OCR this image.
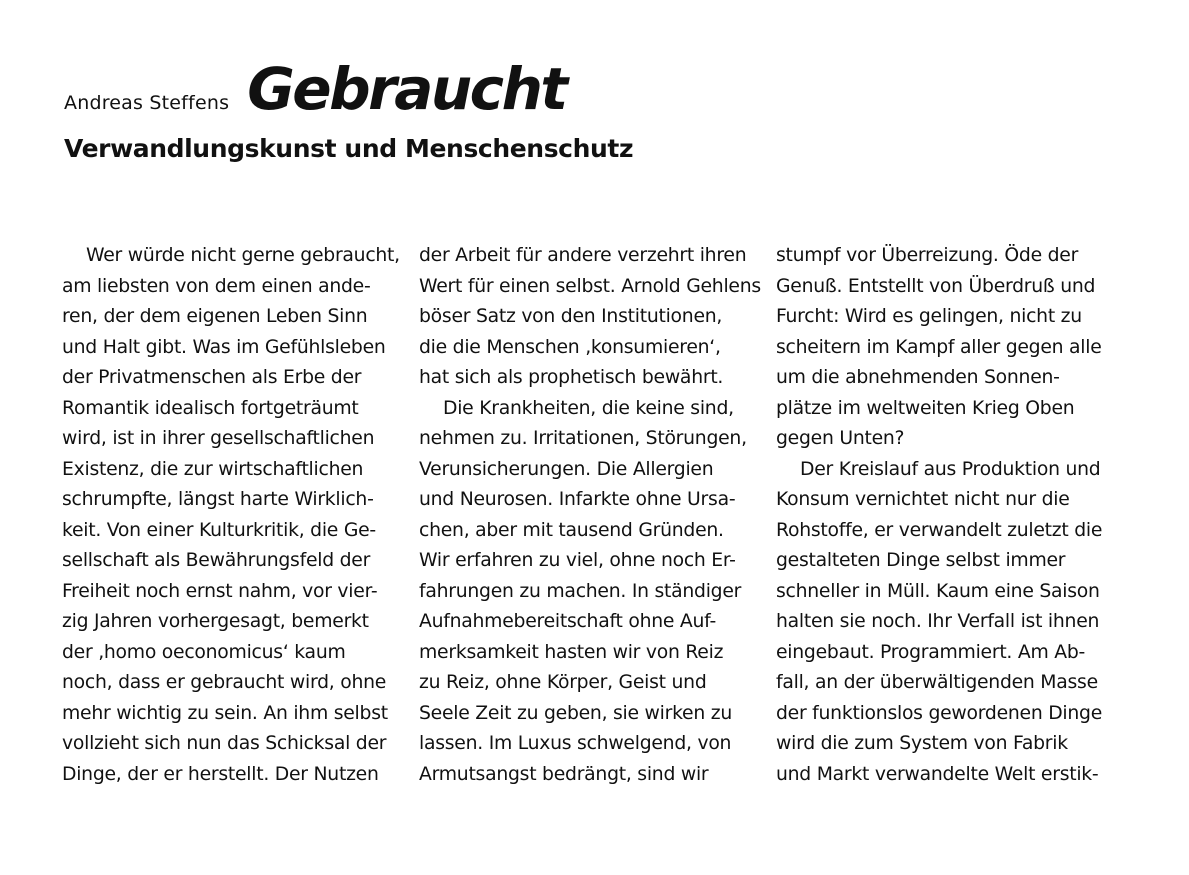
Andreas Steffens Gebraucht
Verwandlungskunst und Menschenschutz
Wer würde nicht gerne gebraucht,
am liebsten von dem einen ande-
ren, der dem eigenen Leben Sinn
und Halt gibt. Was im Gefühlsleben
der Privatmenschen als Erbe der
Romantik idealisch fortgeträumt
wird, ist in ihrer gesellschaftlichen
Existenz, die zur wirtschaftlichen
schrumpfte, längst harte Wirklich-
keit. Von einer Kulturkritik, die Ge-
sellschaft als Bewährungsfeld der
Freiheit noch ernst nahm, vor vier-
zig Jahren vorhergesagt, bemerkt
der ‚homo oeconomicus‘ kaum
noch, dass er gebraucht wird, ohne
mehr wichtig zu sein. An ihm selbst
vollzieht sich nun das Schicksal der
Dinge, der er herstellt. Der Nutzen
der Arbeit für andere verzehrt ihren
Wert für einen selbst. Arnold Gehlens
böser Satz von den Institutionen,
die die Menschen ‚konsumieren‘,
hat sich als prophetisch bewährt.
Die Krankheiten, die keine sind,
nehmen zu. Irritationen, Störungen,
Verunsicherungen. Die Allergien
und Neurosen. Infarkte ohne Ursa-
chen, aber mit tausend Gründen.
Wir erfahren zu viel, ohne noch Er-
fahrungen zu machen. In ständiger
Aufnahmebereitschaft ohne Auf-
merksamkeit hasten wir von Reiz
zu Reiz, ohne Körper, Geist und
Seele Zeit zu geben, sie wirken zu
lassen. Im Luxus schwelgend, von
Armutsangst bedrängt, sind wir
stumpf vor Überreizung. Öde der
Genuß. Entstellt von Überdruß und
Furcht: Wird es gelingen, nicht zu
scheitern im Kampf aller gegen alle
um die abnehmenden Sonnen-
plätze im weltweiten Krieg Oben
gegen Unten?
Der Kreislauf aus Produktion und
Konsum vernichtet nicht nur die
Rohstoffe, er verwandelt zuletzt die
gestalteten Dinge selbst immer
schneller in Müll. Kaum eine Saison
halten sie noch. Ihr Verfall ist ihnen
eingebaut. Programmiert. Am Ab-
fall, an der überwältigenden Masse
der funktionslos gewordenen Dinge
wird die zum System von Fabrik
und Markt verwandelte Welt erstik-
